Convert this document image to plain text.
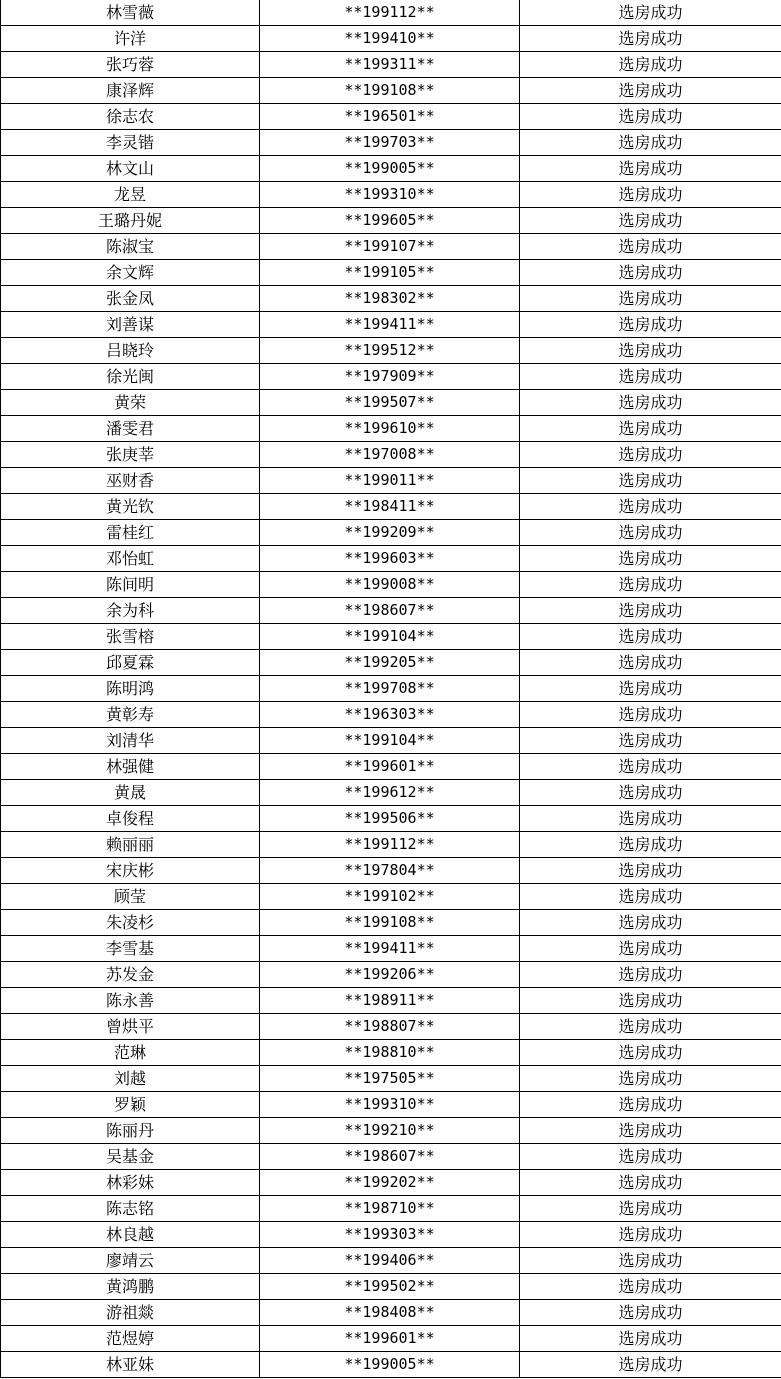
林雪薇	**199112**	选房成功
许洋	**199410**	选房成功
张巧蓉	**199311**	选房成功
康泽辉	**199108**	选房成功
徐志农	**196501**	选房成功
李灵锴	**199703**	选房成功
林文山	**199005**	选房成功
龙昱	**199310**	选房成功
王璐丹妮	**199605**	选房成功
陈淑宝	**199107**	选房成功
余文辉	**199105**	选房成功
张金凤	**198302**	选房成功
刘善谋	**199411**	选房成功
吕晓玲	**199512**	选房成功
徐光闽	**197909**	选房成功
黄荣	**199507**	选房成功
潘雯君	**199610**	选房成功
张庚莘	**197008**	选房成功
巫财香	**199011**	选房成功
黄光钦	**198411**	选房成功
雷桂红	**199209**	选房成功
邓怡虹	**199603**	选房成功
陈间明	**199008**	选房成功
余为科	**198607**	选房成功
张雪榕	**199104**	选房成功
邱夏霖	**199205**	选房成功
陈明鸿	**199708**	选房成功
黄彰寿	**196303**	选房成功
刘清华	**199104**	选房成功
林强健	**199601**	选房成功
黄晟	**199612**	选房成功
卓俊程	**199506**	选房成功
赖丽丽	**199112**	选房成功
宋庆彬	**197804**	选房成功
顾莹	**199102**	选房成功
朱凌杉	**199108**	选房成功
李雪基	**199411**	选房成功
苏发金	**199206**	选房成功
陈永善	**198911**	选房成功
曾烘平	**198807**	选房成功
范琳	**198810**	选房成功
刘越	**197505**	选房成功
罗颖	**199310**	选房成功
陈丽丹	**199210**	选房成功
吴基金	**198607**	选房成功
林彩妹	**199202**	选房成功
陈志铭	**198710**	选房成功
林良越	**199303**	选房成功
廖靖云	**199406**	选房成功
黄鸿鹏	**199502**	选房成功
游祖燚	**198408**	选房成功
范煜婷	**199601**	选房成功
林亚妹	**199005**	选房成功
